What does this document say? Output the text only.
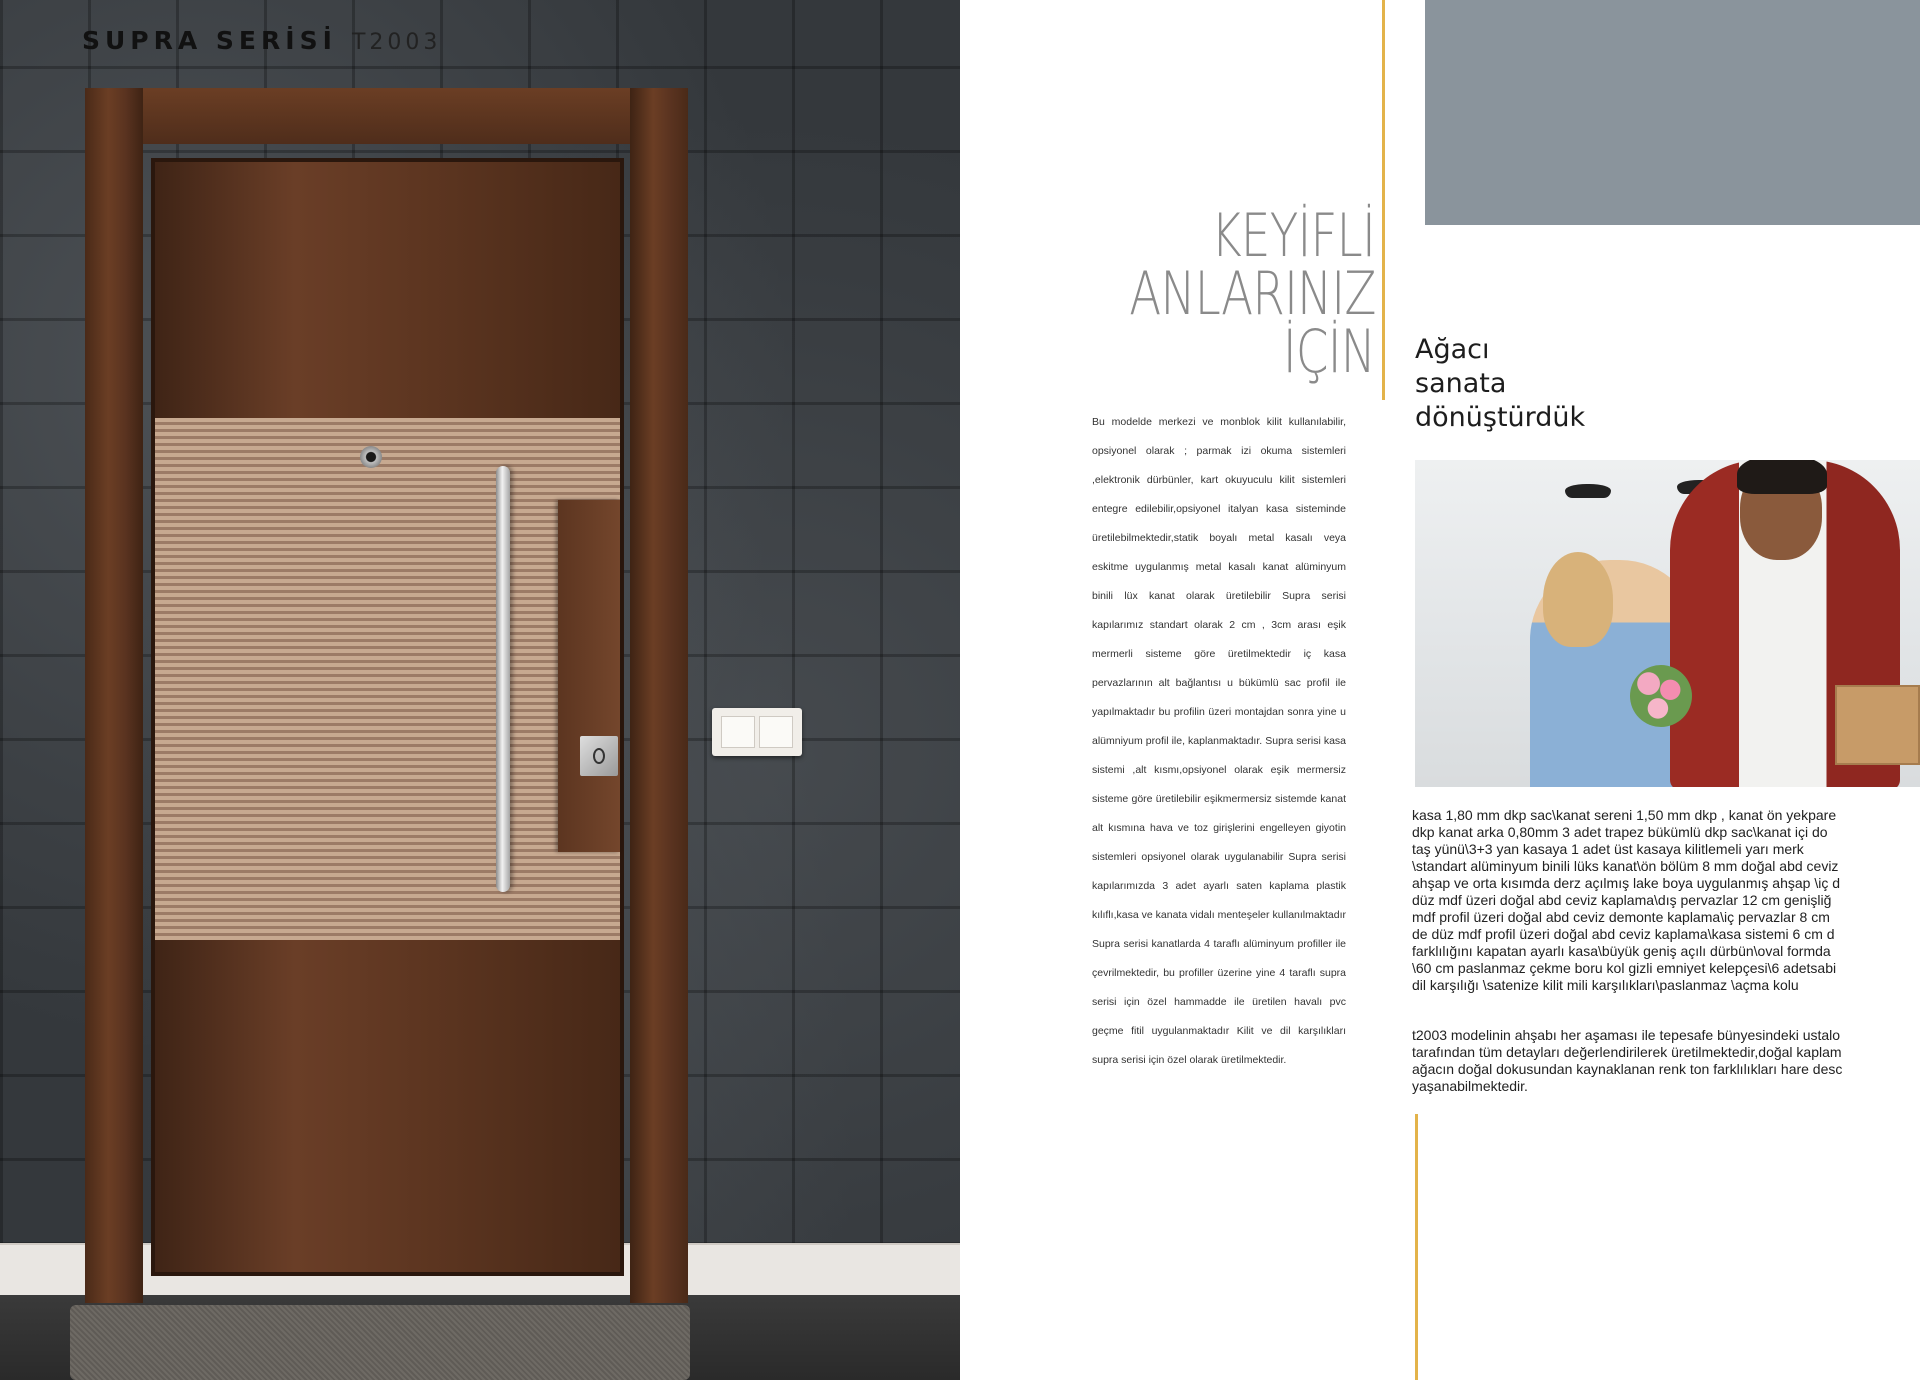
SUPRA SERİSİ T2003
KEYİFLİ
ANLARINIZ
İÇİN Ağacı
sanata
dönüştürdük
Bu modelde merkezi ve monblok kilit kullanılabilir, opsiyonel olarak ; parmak izi okuma sistemleri ,elektronik dürbünler, kart okuyuculu kilit sistemleri entegre edilebilir,opsiyonel italyan kasa sisteminde üretilebilmektedir,statik boyalı metal kasalı veya eskitme uygulanmış metal kasalı kanat alüminyum binili lüx kanat olarak üretilebilir Supra serisi kapılarımız standart olarak 2 cm , 3cm arası eşik mermerli sisteme göre üretilmektedir iç kasa pervazlarının alt bağlantısı u bükümlü sac profil ile yapılmaktadır bu profilin üzeri montajdan sonra yine u alümniyum profil ile, kaplanmaktadır. Supra serisi kasa sistemi ,alt kısmı,opsiyonel olarak eşik mermersiz sisteme göre üretilebilir eşikmermersiz sistemde kanat alt kısmına hava ve toz girişlerini engelleyen giyotin sistemleri opsiyonel olarak uygulanabilir Supra serisi kapılarımızda 3 adet ayarlı saten kaplama plastik kılıflı,kasa ve kanata vidalı menteşeler kullanılmaktadır Supra serisi kanatlarda 4 taraflı alüminyum profiller ile çevrilmektedir, bu profiller üzerine yine 4 taraflı supra serisi için özel hammadde ile üretilen havalı pvc geçme fitil uygulanmaktadır Kilit ve dil karşılıkları supra serisi için özel olarak üretilmektedir.
kasa 1,80 mm dkp sac\kanat sereni 1,50 mm dkp , kanat ön yekpare
dkp kanat arka 0,80mm 3 adet trapez bükümlü dkp sac\kanat içi do
taş yünü\3+3 yan kasaya 1 adet üst kasaya kilitlemeli yarı merk
\standart alüminyum binili lüks kanat\ön bölüm 8 mm doğal abd ceviz
ahşap ve orta kısımda derz açılmış lake boya uygulanmış ahşap \iç d
düz mdf üzeri doğal abd ceviz kaplama\dış pervazlar 12 cm genişliğ
mdf profil üzeri doğal abd ceviz demonte kaplama\iç pervazlar 8 cm
de düz mdf profil üzeri doğal abd ceviz kaplama\kasa sistemi 6 cm d
farklılığını kapatan ayarlı kasa\büyük geniş açılı dürbün\oval formda
\60 cm paslanmaz çekme boru kol gizli emniyet kelepçesi\6 adetsabi
dil karşılığı \satenize kilit mili karşılıkları\paslanmaz \açma kolu
t2003 modelinin ahşabı her aşaması ile tepesafe bünyesindeki ustalo
tarafından tüm detayları değerlendirilerek üretilmektedir,doğal kaplam
ağacın doğal dokusundan kaynaklanan renk ton farklılıkları hare desc
yaşanabilmektedir.
